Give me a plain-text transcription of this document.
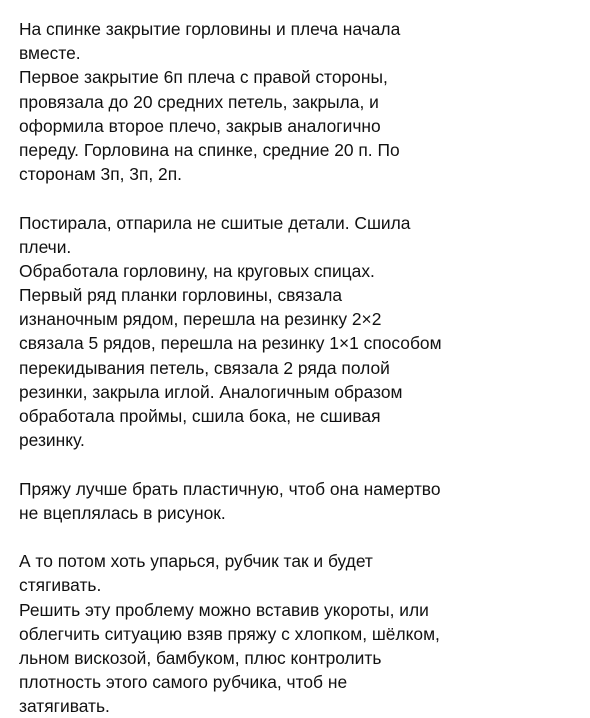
На спинке закрытие горловины и плеча начала
вместе.
Первое закрытие 6п плеча с правой стороны,
провязала до 20 средних петель, закрыла, и
оформила второе плечо, закрыв аналогично
переду. Горловина на спинке, средние 20 п. По
сторонам 3п, 3п, 2п.
Постирала, отпарила не сшитые детали. Сшила
плечи.
Обработала горловину, на круговых спицах.
Первый ряд планки горловины, связала
изнаночным рядом, перешла на резинку 2×2
связала 5 рядов, перешла на резинку 1×1 способом
перекидывания петель, связала 2 ряда полой
резинки, закрыла иглой. Аналогичным образом
обработала проймы, сшила бока, не сшивая
резинку.
Пряжу лучше брать пластичную, чтоб она намертво
не вцеплялась в рисунок.
А то потом хоть упарься, рубчик так и будет
стягивать.
Решить эту проблему можно вставив укороты, или
облегчить ситуацию взяв пряжу с хлопком, шёлком,
льном вискозой, бамбуком, плюс контролить
плотность этого самого рубчика, чтоб не
затягивать.
